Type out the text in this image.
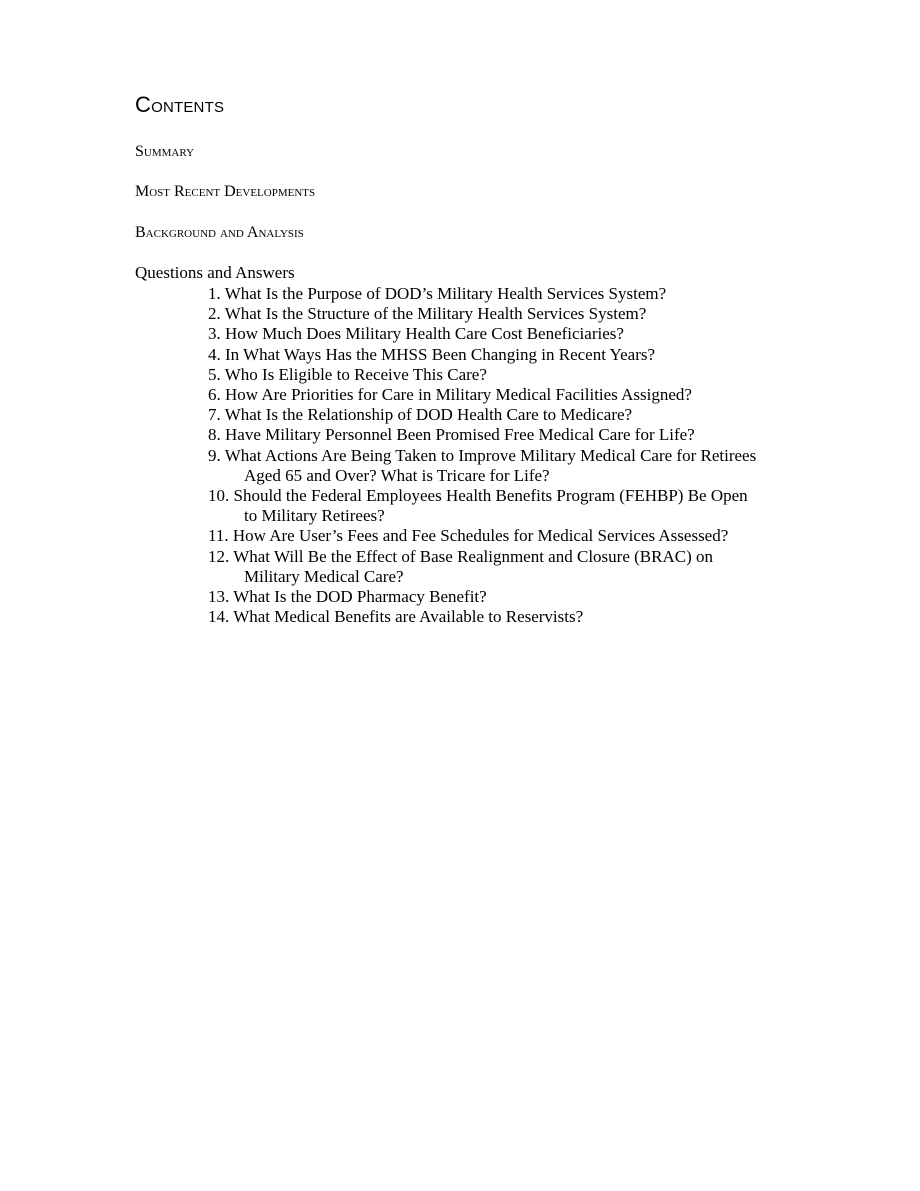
Contents
Summary
Most Recent Developments
Background and Analysis
Questions and Answers
1. What Is the Purpose of DOD’s Military Health Services System?
2. What Is the Structure of the Military Health Services System?
3. How Much Does Military Health Care Cost Beneficiaries?
4. In What Ways Has the MHSS Been Changing in Recent Years?
5. Who Is Eligible to Receive This Care?
6. How Are Priorities for Care in Military Medical Facilities Assigned?
7. What Is the Relationship of DOD Health Care to Medicare?
8. Have Military Personnel Been Promised Free Medical Care for Life?
9. What Actions Are Being Taken to Improve Military Medical Care for Retirees
Aged 65 and Over? What is Tricare for Life?
10. Should the Federal Employees Health Benefits Program (FEHBP) Be Open
to Military Retirees?
11. How Are User’s Fees and Fee Schedules for Medical Services Assessed?
12. What Will Be the Effect of Base Realignment and Closure (BRAC) on
Military Medical Care?
13. What Is the DOD Pharmacy Benefit?
14. What Medical Benefits are Available to Reservists?
